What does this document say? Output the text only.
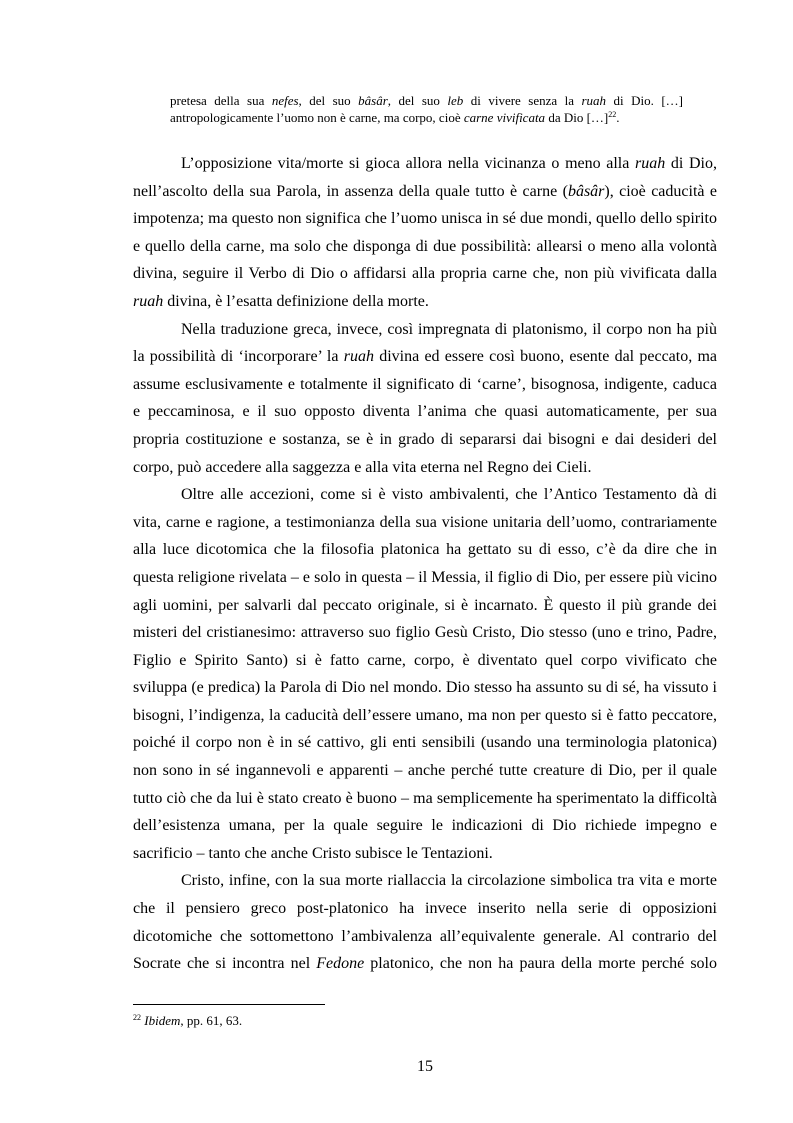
pretesa della sua nefes, del suo bâsâr, del suo leb di vivere senza la ruah di Dio. […] antropologicamente l’uomo non è carne, ma corpo, cioè carne vivificata da Dio […]$^{22}$.

L’opposizione vita/morte si gioca allora nella vicinanza o meno alla ruah di Dio, nell’ascolto della sua Parola, in assenza della quale tutto è carne (bâsâr), cioè caducità e impotenza; ma questo non significa che l’uomo unisca in sé due mondi, quello dello spirito e quello della carne, ma solo che disponga di due possibilità: allearsi o meno alla volontà divina, seguire il Verbo di Dio o affidarsi alla propria carne che, non più vivificata dalla ruah divina, è l’esatta definizione della morte.

Nella traduzione greca, invece, così impregnata di platonismo, il corpo non ha più la possibilità di ‘incorporare’ la ruah divina ed essere così buono, esente dal peccato, ma assume esclusivamente e totalmente il significato di ‘carne’, bisognosa, indigente, caduca e peccaminosa, e il suo opposto diventa l’anima che quasi automaticamente, per sua propria costituzione e sostanza, se è in grado di separarsi dai bisogni e dai desideri del corpo, può accedere alla saggezza e alla vita eterna nel Regno dei Cieli.

Oltre alle accezioni, come si è visto ambivalenti, che l’Antico Testamento dà di vita, carne e ragione, a testimonianza della sua visione unitaria dell’uomo, contrariamente alla luce dicotomica che la filosofia platonica ha gettato su di esso, c’è da dire che in questa religione rivelata – e solo in questa – il Messia, il figlio di Dio, per essere più vicino agli uomini, per salvarli dal peccato originale, si è incarnato. È questo il più grande dei misteri del cristianesimo: attraverso suo figlio Gesù Cristo, Dio stesso (uno e trino, Padre, Figlio e Spirito Santo) si è fatto carne, corpo, è diventato quel corpo vivificato che sviluppa (e predica) la Parola di Dio nel mondo. Dio stesso ha assunto su di sé, ha vissuto i bisogni, l’indigenza, la caducità dell’essere umano, ma non per questo si è fatto peccatore, poiché il corpo non è in sé cattivo, gli enti sensibili (usando una terminologia platonica) non sono in sé ingannevoli e apparenti – anche perché tutte creature di Dio, per il quale tutto ciò che da lui è stato creato è buono – ma semplicemente ha sperimentato la difficoltà dell’esistenza umana, per la quale seguire le indicazioni di Dio richiede impegno e sacrificio – tanto che anche Cristo subisce le Tentazioni.

Cristo, infine, con la sua morte riallaccia la circolazione simbolica tra vita e morte che il pensiero greco post-platonico ha invece inserito nella serie di opposizioni dicotomiche che sottomettono l’ambivalenza all’equivalente generale. Al contrario del Socrate che si incontra nel Fedone platonico, che non ha paura della morte perché solo

$^{22}$ Ibidem, pp. 61, 63.
15
